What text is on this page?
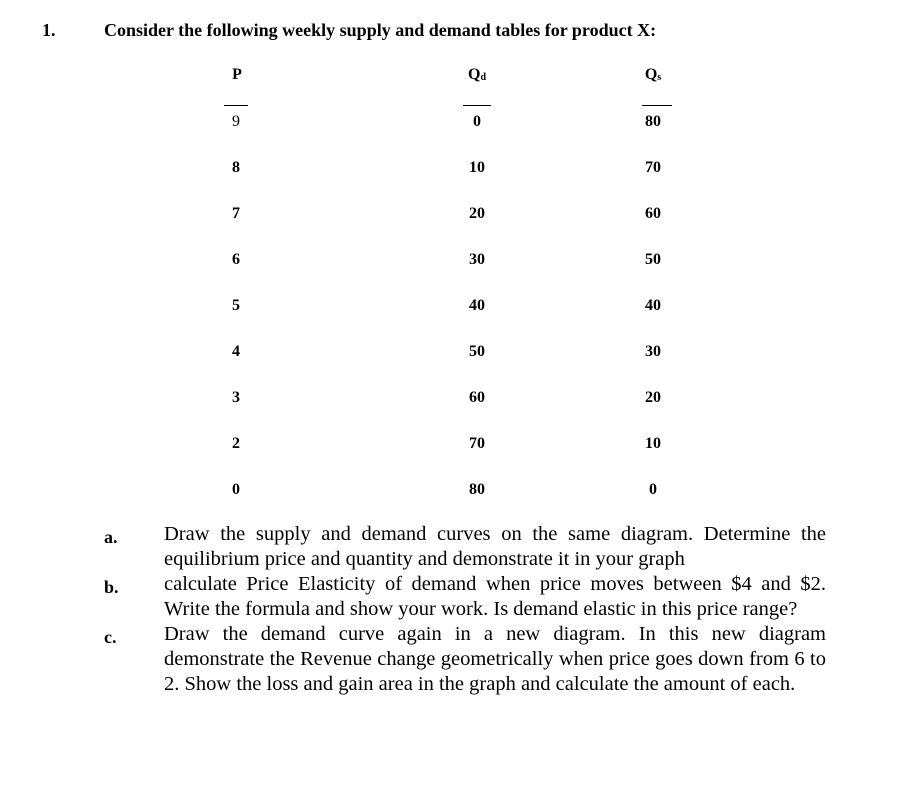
1.	Consider the following weekly supply and demand tables for product X:
P	$Q_d$	$Q_s$
9	0	80
8	10	70
7	20	60
6	30	50
5	40	40
4	50	30
3	60	20
2	70	10
0	80	0
a. Draw the supply and demand curves on the same diagram. Determine the equilibrium price and quantity and demonstrate it in your graph
b. calculate Price Elasticity of demand when price moves between $4 and $2. Write the formula and show your work. Is demand elastic in this price range?
c. Draw the demand curve again in a new diagram. In this new diagram demonstrate the Revenue change geometrically when price goes down from 6 to 2. Show the loss and gain area in the graph and calculate the amount of each.
